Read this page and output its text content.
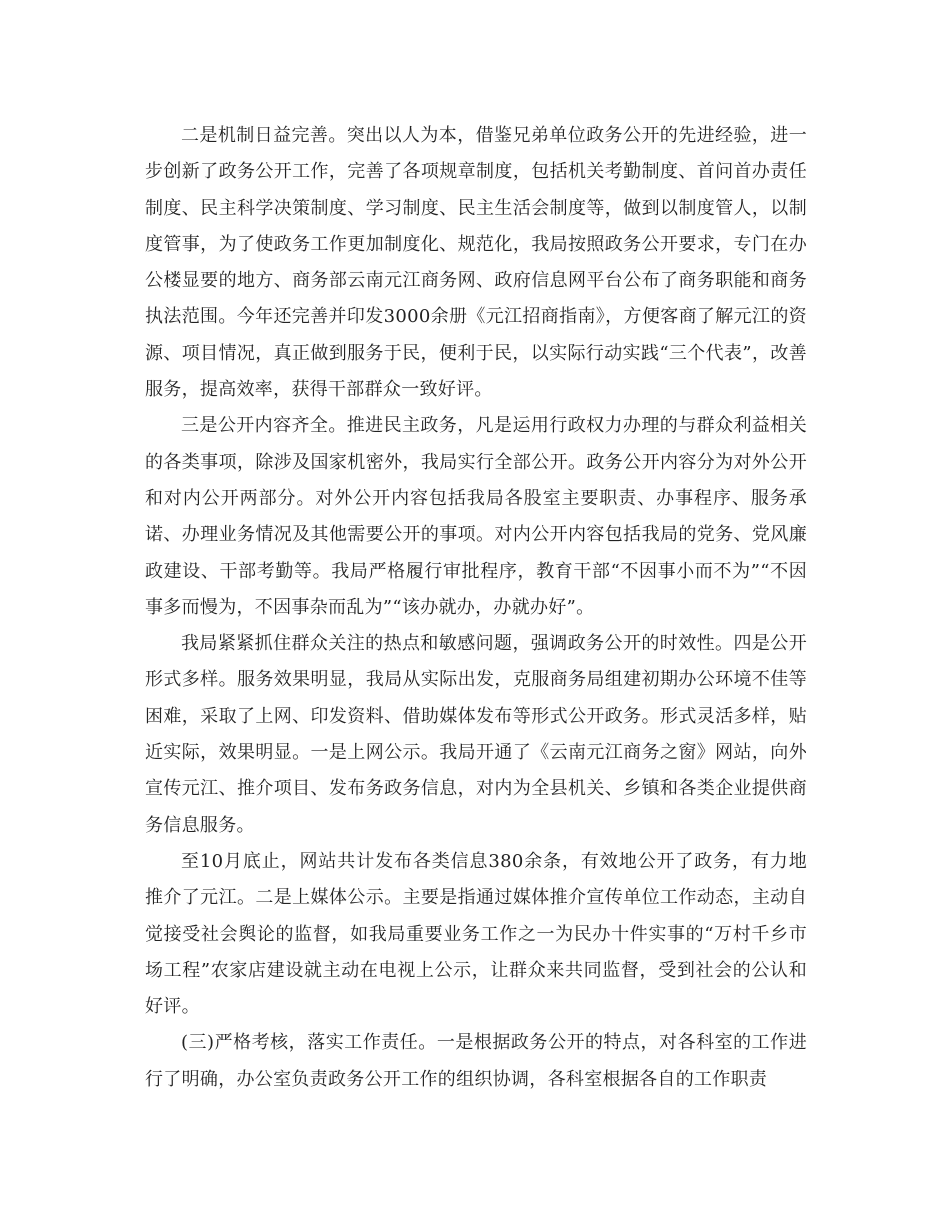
二是机制日益完善。突出以人为本，借鉴兄弟单位政务公开的先进经验，进一步创新了政务公开工作，完善了各项规章制度，包括机关考勤制度、首问首办责任制度、民主科学决策制度、学习制度、民主生活会制度等，做到以制度管人，以制度管事，为了使政务工作更加制度化、规范化，我局按照政务公开要求，专门在办公楼显要的地方、商务部云南元江商务网、政府信息网平台公布了商务职能和商务执法范围。今年还完善并印发3000余册《元江招商指南》，方便客商了解元江的资源、项目情况，真正做到服务于民，便利于民，以实际行动实践“三个代表”，改善服务，提高效率，获得干部群众一致好评。

三是公开内容齐全。推进民主政务，凡是运用行政权力办理的与群众利益相关的各类事项，除涉及国家机密外，我局实行全部公开。政务公开内容分为对外公开和对内公开两部分。对外公开内容包括我局各股室主要职责、办事程序、服务承诺、办理业务情况及其他需要公开的事项。对内公开内容包括我局的党务、党风廉政建设、干部考勤等。我局严格履行审批程序，教育干部“不因事小而不为”“不因事多而慢为，不因事杂而乱为”“该办就办，办就办好”。

我局紧紧抓住群众关注的热点和敏感问题，强调政务公开的时效性。四是公开形式多样。服务效果明显，我局从实际出发，克服商务局组建初期办公环境不佳等困难，采取了上网、印发资料、借助媒体发布等形式公开政务。形式灵活多样，贴近实际，效果明显。一是上网公示。我局开通了《云南元江商务之窗》网站，向外宣传元江、推介项目、发布务政务信息，对内为全县机关、乡镇和各类企业提供商务信息服务。

至10月底止，网站共计发布各类信息380余条，有效地公开了政务，有力地推介了元江。二是上媒体公示。主要是指通过媒体推介宣传单位工作动态，主动自觉接受社会舆论的监督，如我局重要业务工作之一为民办十件实事的“万村千乡市场工程”农家店建设就主动在电视上公示，让群众来共同监督，受到社会的公认和好评。

(三)严格考核，落实工作责任。一是根据政务公开的特点，对各科室的工作进行了明确，办公室负责政务公开工作的组织协调，各科室根据各自的工作职责
